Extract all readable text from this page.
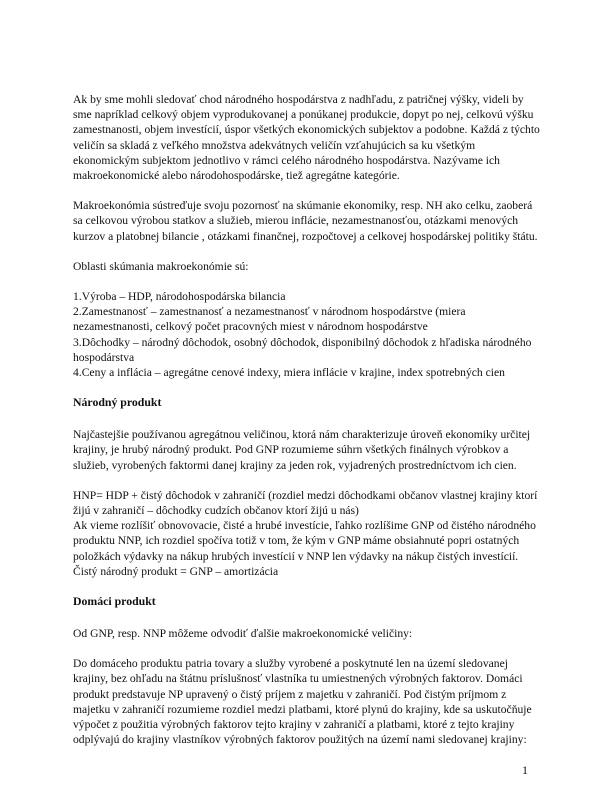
Ak by sme mohli sledovať chod národného hospodárstva z nadhľadu, z patričnej výšky, videli by sme napríklad celkový objem vyprodukovanej a ponúkanej produkcie, dopyt po nej, celkovú výšku zamestnanosti, objem investícií, úspor všetkých ekonomických subjektov a podobne. Každá z týchto veličín sa skladá z veľkého množstva adekvátnych veličín vzťahujúcich sa ku všetkým ekonomickým subjektom jednotlivo v rámci celého národného hospodárstva. Nazývame ich makroekonomické alebo národohospodárske, tiež agregátne kategórie.

Makroekonómia sústreďuje svoju pozornosť na skúmanie ekonomiky, resp. NH ako celku, zaoberá sa celkovou výrobou statkov a služieb, mierou inflácie, nezamestnanosťou, otázkami menových kurzov a platobnej bilancie , otázkami finančnej, rozpočtovej a celkovej hospodárskej politiky štátu.

Oblasti skúmania makroekonómie sú:

1.Výroba – HDP, národohospodárska bilancia
2.Zamestnanosť – zamestnanosť a nezamestnanosť v národnom hospodárstve (miera nezamestnanosti, celkový počet pracovných miest v národnom hospodárstve
3.Dôchodky – národný dôchodok, osobný dôchodok, disponibilný dôchodok z hľadiska národného hospodárstva
4.Ceny a inflácia – agregátne cenové indexy, miera inflácie v krajine, index spotrebných cien
Národný produkt

Najčastejšie používanou agregátnou veličinou, ktorá nám charakterizuje úroveň ekonomiky určitej krajiny, je hrubý národný produkt. Pod GNP rozumieme súhrn všetkých finálnych výrobkov a služieb, vyrobených faktormi danej krajiny za jeden rok, vyjadrených prostredníctvom ich cien.

HNP= HDP + čistý dôchodok v zahraničí (rozdiel medzi dôchodkami občanov vlastnej krajiny ktorí žijú v zahraničí – dôchodky cudzích občanov ktorí žijú u nás)

Ak vieme rozlíšiť obnovovacie, čisté a hrubé investície, ľahko rozlíšime GNP od čistého národného produktu NNP, ich rozdiel spočíva totiž v tom, že kým v GNP máme obsiahnuté popri ostatných položkách výdavky na nákup hrubých investícií v NNP len výdavky na nákup čistých investícií. Čistý národný produkt = GNP – amortizácia

Domáci produkt

Od GNP, resp. NNP môžeme odvodiť ďalšie makroekonomické veličiny:

Do domáceho produktu patria tovary a služby vyrobené a poskytnuté len na území sledovanej krajiny, bez ohľadu na štátnu príslušnosť vlastníka tu umiestnených výrobných faktorov. Domáci produkt predstavuje NP upravený o čistý príjem z majetku v zahraničí. Pod čistým príjmom z majetku v zahraničí rozumieme rozdiel medzi platbami, ktoré plynú do krajiny, kde sa uskutočňuje výpočet z použitia výrobných faktorov tejto krajiny v zahraničí a platbami, ktoré z tejto krajiny odplývajú do krajiny vlastníkov výrobných faktorov použitých na území nami sledovanej krajiny:

1
